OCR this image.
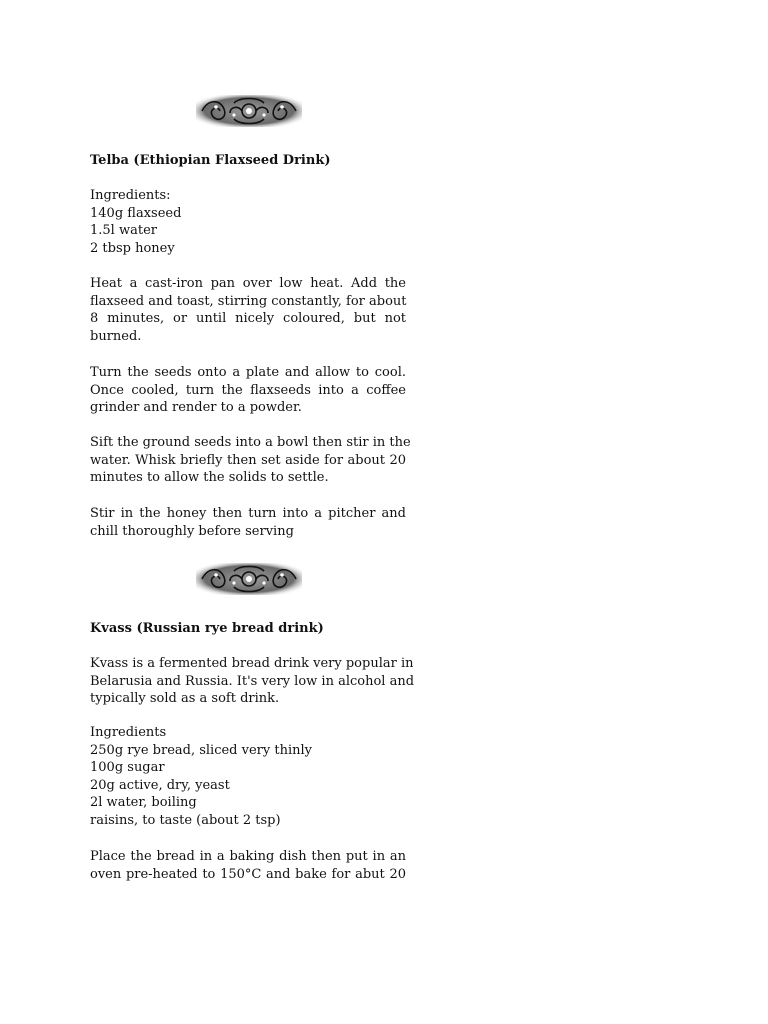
Telba (Ethiopian Flaxseed Drink)
Ingredients:
140g flaxseed
1.5l water
2 tbsp honey
Heat a cast-iron pan over low heat. Add the
flaxseed and toast, stirring constantly, for about
8 minutes, or until nicely coloured, but not
burned.
Turn the seeds onto a plate and allow to cool.
Once cooled, turn the flaxseeds into a coffee
grinder and render to a powder.
Sift the ground seeds into a bowl then stir in the
water. Whisk briefly then set aside for about 20
minutes to allow the solids to settle.
Stir in the honey then turn into a pitcher and
chill thoroughly before serving
Kvass (Russian rye bread drink)
Kvass is a fermented bread drink very popular in
Belarusia and Russia. It's very low in alcohol and
typically sold as a soft drink.
Ingredients
250g rye bread, sliced very thinly
100g sugar
20g active, dry, yeast
2l water, boiling
raisins, to taste (about 2 tsp)
Place the bread in a baking dish then put in an
oven pre-heated to 150°C and bake for abut 20
